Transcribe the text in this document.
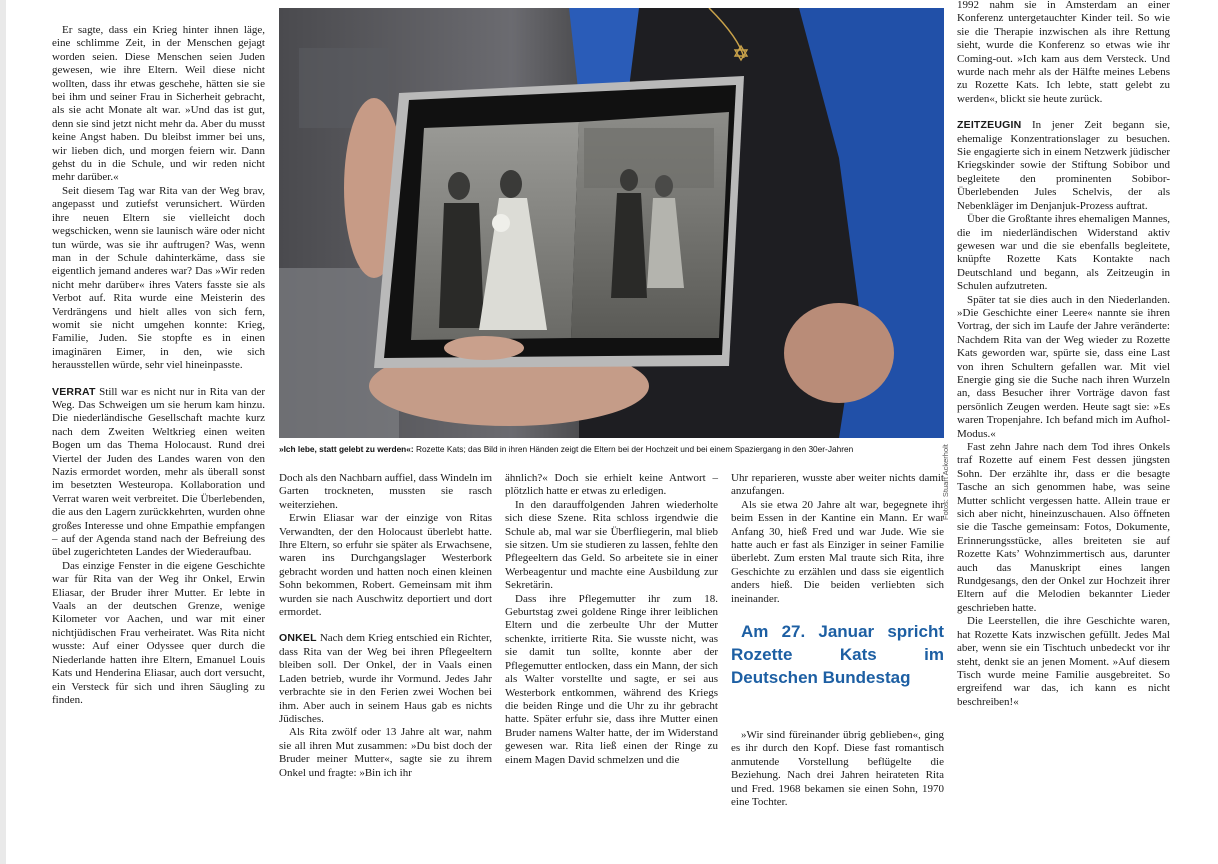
Er sagte, dass ein Krieg hinter ihnen läge, eine schlimme Zeit, in der Menschen gejagt worden seien. Diese Menschen seien Juden gewesen, wie ihre Eltern. Weil diese nicht wollten, dass ihr etwas geschehe, hätten sie sie bei ihm und seiner Frau in Sicherheit gebracht, als sie acht Monate alt war. »Und das ist gut, denn sie sind jetzt nicht mehr da. Aber du musst keine Angst haben. Du bleibst immer bei uns, wir lieben dich, und morgen feiern wir. Dann gehst du in die Schule, und wir reden nicht mehr darüber.«

Seit diesem Tag war Rita van der Weg brav, angepasst und zutiefst verunsichert. Würden ihre neuen Eltern sie vielleicht doch wegschicken, wenn sie launisch wäre oder nicht tun würde, was sie ihr auftrugen? Was, wenn man in der Schule dahinterkäme, dass sie eigentlich jemand anderes war? Das »Wir reden nicht mehr darüber« ihres Vaters fasste sie als Verbot auf. Rita wurde eine Meisterin des Verdrängens und hielt alles von sich fern, womit sie nicht umgehen konnte: Krieg, Familie, Juden. Sie stopfte es in einen imaginären Eimer, in den, wie sich herausstellen würde, sehr viel hineinpasste.

VERRAT Still war es nicht nur in Rita van der Weg. Das Schweigen um sie herum kam hinzu. Die niederländische Gesellschaft machte kurz nach dem Zweiten Weltkrieg einen weiten Bogen um das Thema Holocaust. Rund drei Viertel der Juden des Landes waren von den Nazis ermordet worden, mehr als überall sonst im besetzten Westeuropa. Kollaboration und Verrat waren weit verbreitet. Die Überlebenden, die aus den Lagern zurückkehrten, wurden ohne großes Interesse und ohne Empathie empfangen – auf der Agenda stand nach der Befreiung des übel zugerichteten Landes der Wiederaufbau.

Das einzige Fenster in die eigene Geschichte war für Rita van der Weg ihr Onkel, Erwin Eliasar, der Bruder ihrer Mutter. Er lebte in Vaals an der deutschen Grenze, wenige Kilometer vor Aachen, und war mit einer nichtjüdischen Frau verheiratet. Was Rita nicht wusste: Auf einer Odyssee quer durch die Niederlande hatten ihre Eltern, Emanuel Louis Kats und Henderina Eliasar, auch dort versucht, ein Versteck für sich und ihren Säugling zu finden.

Fotos: Stuart Ackerholt
»Ich lebe, statt gelebt zu werden«: Rozette Kats; das Bild in ihren Händen zeigt die Eltern bei der Hochzeit und bei einem Spaziergang in den 30er-Jahren

Doch als den Nachbarn auffiel, dass Windeln im Garten trockneten, mussten sie rasch weiterziehen.

Erwin Eliasar war der einzige von Ritas Verwandten, der den Holocaust überlebt hatte. Ihre Eltern, so erfuhr sie später als Erwachsene, waren ins Durchgangslager Westerbork gebracht worden und hatten noch einen kleinen Sohn bekommen, Robert. Gemeinsam mit ihm wurden sie nach Auschwitz deportiert und dort ermordet.

ONKEL Nach dem Krieg entschied ein Richter, dass Rita van der Weg bei ihren Pflegeeltern bleiben soll. Der Onkel, der in Vaals einen Laden betrieb, wurde ihr Vormund. Jedes Jahr verbrachte sie in den Ferien zwei Wochen bei ihm. Aber auch in seinem Haus gab es nichts Jüdisches.

Als Rita zwölf oder 13 Jahre alt war, nahm sie all ihren Mut zusammen: »Du bist doch der Bruder meiner Mutter«, sagte sie zu ihrem Onkel und fragte: »Bin ich ihr

ähnlich?« Doch sie erhielt keine Antwort – plötzlich hatte er etwas zu erledigen.

In den darauffolgenden Jahren wiederholte sich diese Szene. Rita schloss irgendwie die Schule ab, mal war sie Überfliegerin, mal blieb sie sitzen. Um sie studieren zu lassen, fehlte den Pflegeeltern das Geld. So arbeitete sie in einer Werbeagentur und machte eine Ausbildung zur Sekretärin.

Dass ihre Pflegemutter ihr zum 18. Geburtstag zwei goldene Ringe ihrer leiblichen Eltern und die zerbeulte Uhr der Mutter schenkte, irritierte Rita. Sie wusste nicht, was sie damit tun sollte, konnte aber der Pflegemutter entlocken, dass ein Mann, der sich als Walter vorstellte und sagte, er sei aus Westerbork entkommen, während des Kriegs die beiden Ringe und die Uhr zu ihr gebracht hatte. Später erfuhr sie, dass ihre Mutter einen Bruder namens Walter hatte, der im Widerstand gewesen war. Rita ließ einen der Ringe zu einem Magen David schmelzen und die

Uhr reparieren, wusste aber weiter nichts damit anzufangen.

Als sie etwa 20 Jahre alt war, begegnete ihr beim Essen in der Kantine ein Mann. Er war Anfang 30, hieß Fred und war Jude. Wie sie hatte auch er fast als Einziger in seiner Familie überlebt. Zum ersten Mal traute sich Rita, ihre Geschichte zu erzählen und dass sie eigentlich anders hieß. Die beiden verliebten sich ineinander.

Am 27. Januar spricht Rozette Kats im Deutschen Bundestag

»Wir sind füreinander übrig geblieben«, ging es ihr durch den Kopf. Diese fast romantisch anmutende Vorstellung beflügelte die Beziehung. Nach drei Jahren heirateten Rita und Fred. 1968 bekamen sie einen Sohn, 1970 eine Tochter.

1992 nahm sie in Amsterdam an einer Konferenz untergetauchter Kinder teil. So wie sie die Therapie inzwischen als ihre Rettung sieht, wurde die Konferenz so etwas wie ihr Coming-out. »Ich kam aus dem Versteck. Und wurde nach mehr als der Hälfte meines Lebens zu Rozette Kats. Ich lebte, statt gelebt zu werden«, blickt sie heute zurück.

ZEITZEUGIN In jener Zeit begann sie, ehemalige Konzentrationslager zu besuchen. Sie engagierte sich in einem Netzwerk jüdischer Kriegskinder sowie der Stiftung Sobibor und begleitete den prominenten Sobibor-Überlebenden Jules Schelvis, der als Nebenkläger im Denjanjuk-Prozess auftrat.

Über die Großtante ihres ehemaligen Mannes, die im niederländischen Widerstand aktiv gewesen war und die sie ebenfalls begleitete, knüpfte Rozette Kats Kontakte nach Deutschland und begann, als Zeitzeugin in Schulen aufzutreten.

Später tat sie dies auch in den Niederlanden. »Die Geschichte einer Leere« nannte sie ihren Vortrag, der sich im Laufe der Jahre veränderte: Nachdem Rita van der Weg wieder zu Rozette Kats geworden war, spürte sie, dass eine Last von ihren Schultern gefallen war. Mit viel Energie ging sie die Suche nach ihren Wurzeln an, dass Besucher ihrer Vorträge davon fast persönlich Zeugen werden. Heute sagt sie: »Es waren Tropenjahre. Ich befand mich im Aufhol-Modus.«

Fast zehn Jahre nach dem Tod ihres Onkels traf Rozette auf einem Fest dessen jüngsten Sohn. Der erzählte ihr, dass er die besagte Tasche an sich genommen habe, was seine Mutter schlicht vergessen hatte. Allein traue er sich aber nicht, hineinzuschauen. Also öffneten sie die Tasche gemeinsam: Fotos, Dokumente, Erinnerungsstücke, alles breiteten sie auf Rozette Kats’ Wohnzimmertisch aus, darunter auch das Manuskript eines langen Rundgesangs, den der Onkel zur Hochzeit ihrer Eltern auf die Melodien bekannter Lieder geschrieben hatte.

Die Leerstellen, die ihre Geschichte waren, hat Rozette Kats inzwischen gefüllt. Jedes Mal aber, wenn sie ein Tischtuch unbedeckt vor ihr steht, denkt sie an jenen Moment. »Auf diesem Tisch wurde meine Familie ausgebreitet. So ergreifend war das, ich kann es nicht beschreiben!«
